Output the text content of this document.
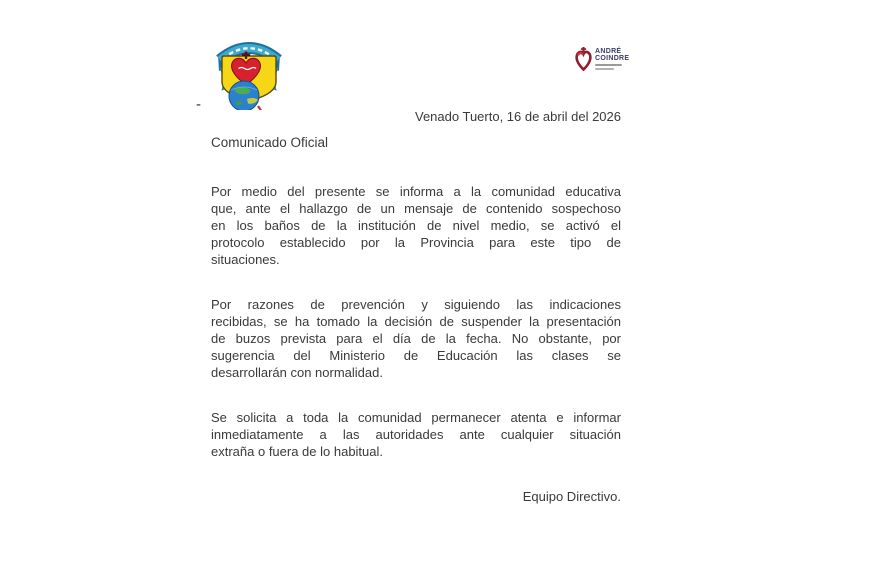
-
ANDRÉ
COINDRE
Venado Tuerto, 16 de abril del 2026
Comunicado Oficial
Por medio del presente se informa a la comunidad educativa
que, ante el hallazgo de un mensaje de contenido sospechoso
en los baños de la institución de nivel medio, se activó el
protocolo establecido por la Provincia para este tipo de
situaciones.
Por razones de prevención y siguiendo las indicaciones
recibidas, se ha tomado la decisión de suspender la presentación
de buzos prevista para el día de la fecha. No obstante, por
sugerencia del Ministerio de Educación las clases se
desarrollarán con normalidad.
Se solicita a toda la comunidad permanecer atenta e informar
inmediatamente a las autoridades ante cualquier situación
extraña o fuera de lo habitual.
Equipo Directivo.
